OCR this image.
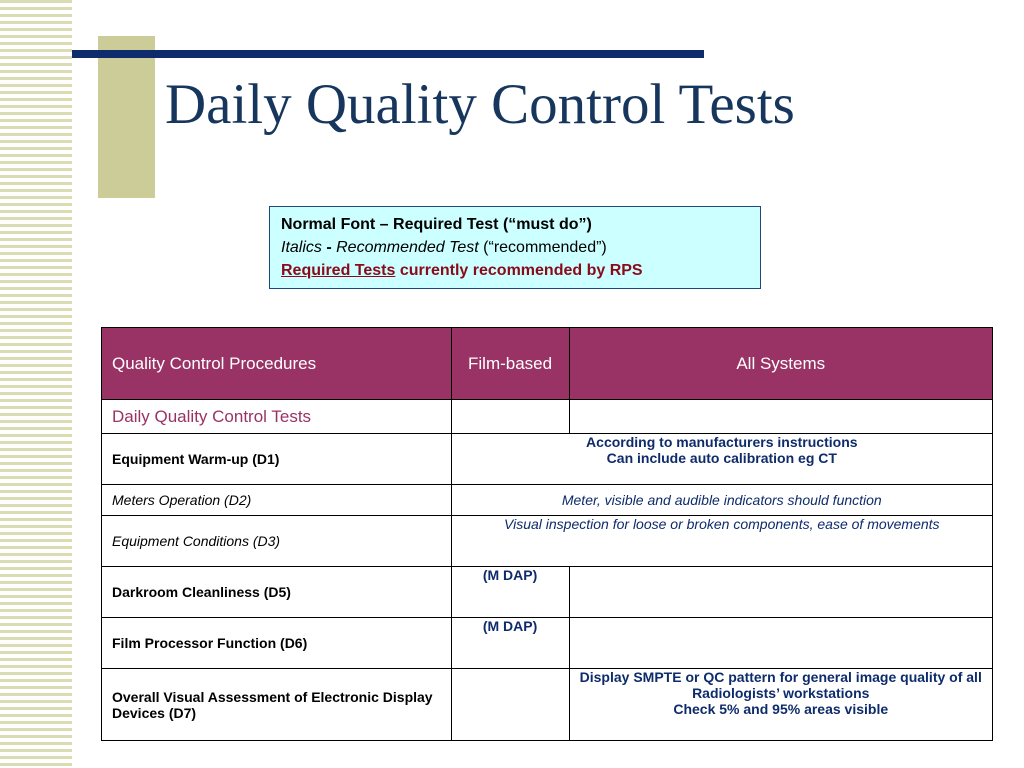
Daily Quality Control Tests
Normal Font – Required Test (“must do”)
Italics - Recommended Test (“recommended”)
Required Tests currently recommended by RPS
Quality Control Procedures	Film-based	All Systems
Daily Quality Control Tests		
Equipment Warm-up (D1)	According to manufacturers instructions
Can include auto calibration eg CT	

Meters Operation (D2)	Meter, visible and audible indicators should function	
Equipment Conditions (D3)	Visual inspection for loose or broken components, ease of movements	
Darkroom Cleanliness (D5)	(M DAP)	
Film Processor Function (D6)	(M DAP)	
Overall Visual Assessment of Electronic Display Devices (D7)		Display SMPTE or QC pattern for general image quality of all Radiologists’ workstations
Check 5% and 95% areas visible
